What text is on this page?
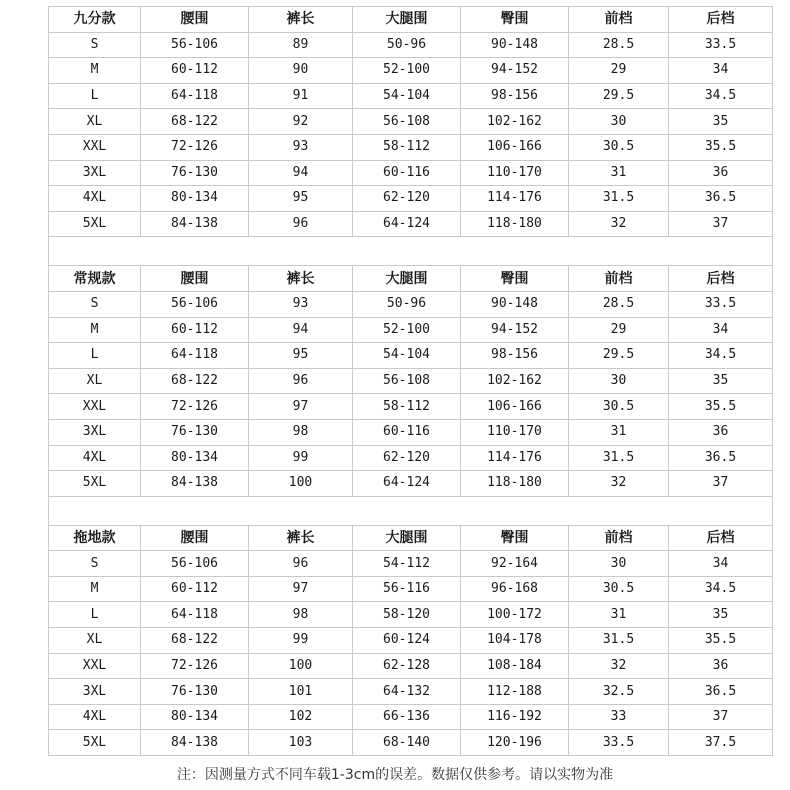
九分款	腰围	裤长	大腿围	臀围	前档	后档
S	56-106	89	50-96	90-148	28.5	33.5
M	60-112	90	52-100	94-152	29	34
L	64-118	91	54-104	98-156	29.5	34.5
XL	68-122	92	56-108	102-162	30	35
XXL	72-126	93	58-112	106-166	30.5	35.5
3XL	76-130	94	60-116	110-170	31	36
4XL	80-134	95	62-120	114-176	31.5	36.5
5XL	84-138	96	64-124	118-180	32	37

常规款	腰围	裤长	大腿围	臀围	前档	后档
S	56-106	93	50-96	90-148	28.5	33.5
M	60-112	94	52-100	94-152	29	34
L	64-118	95	54-104	98-156	29.5	34.5
XL	68-122	96	56-108	102-162	30	35
XXL	72-126	97	58-112	106-166	30.5	35.5
3XL	76-130	98	60-116	110-170	31	36
4XL	80-134	99	62-120	114-176	31.5	36.5
5XL	84-138	100	64-124	118-180	32	37

拖地款	腰围	裤长	大腿围	臀围	前档	后档
S	56-106	96	54-112	92-164	30	34
M	60-112	97	56-116	96-168	30.5	34.5
L	64-118	98	58-120	100-172	31	35
XL	68-122	99	60-124	104-178	31.5	35.5
XXL	72-126	100	62-128	108-184	32	36
3XL	76-130	101	64-132	112-188	32.5	36.5
4XL	80-134	102	66-136	116-192	33	37
5XL	84-138	103	68-140	120-196	33.5	37.5
注：因测量方式不同车载1-3cm的误差。数据仅供参考。请以实物为准
